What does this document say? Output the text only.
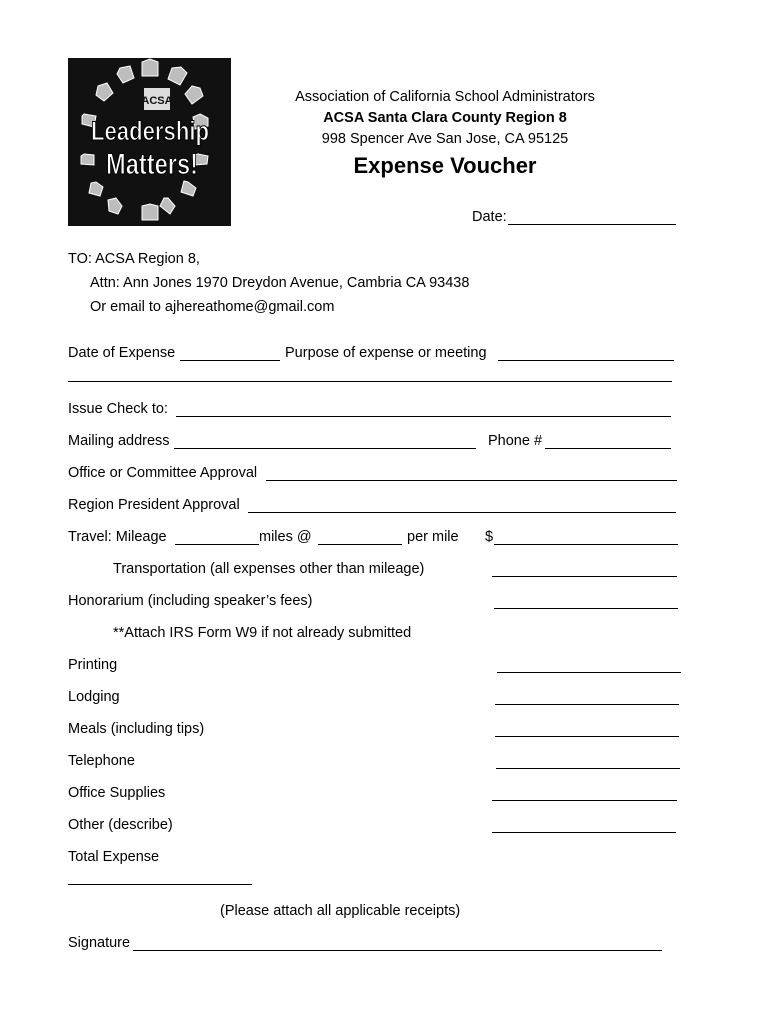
ACSA
Leadership
Matters!
Association of California School Administrators
ACSA Santa Clara County Region 8
998 Spencer Ave San Jose, CA 95125
Expense Voucher
Date:
TO: ACSA Region 8,
Attn: Ann Jones 1970 Dreydon Avenue, Cambria CA 93438
Or email to ajhereathome@gmail.com
Date of Expense	Purpose of expense or meeting
Issue Check to:
Mailing address	Phone #
Office or Committee Approval
Region President Approval
Travel: Mileage	miles @	per mile $
Transportation (all expenses other than mileage)
Honorarium (including speaker’s fees)
**Attach IRS Form W9 if not already submitted
Printing
Lodging
Meals (including tips)
Telephone
Office Supplies
Other (describe)
Total Expense
(Please attach all applicable receipts)
Signature
